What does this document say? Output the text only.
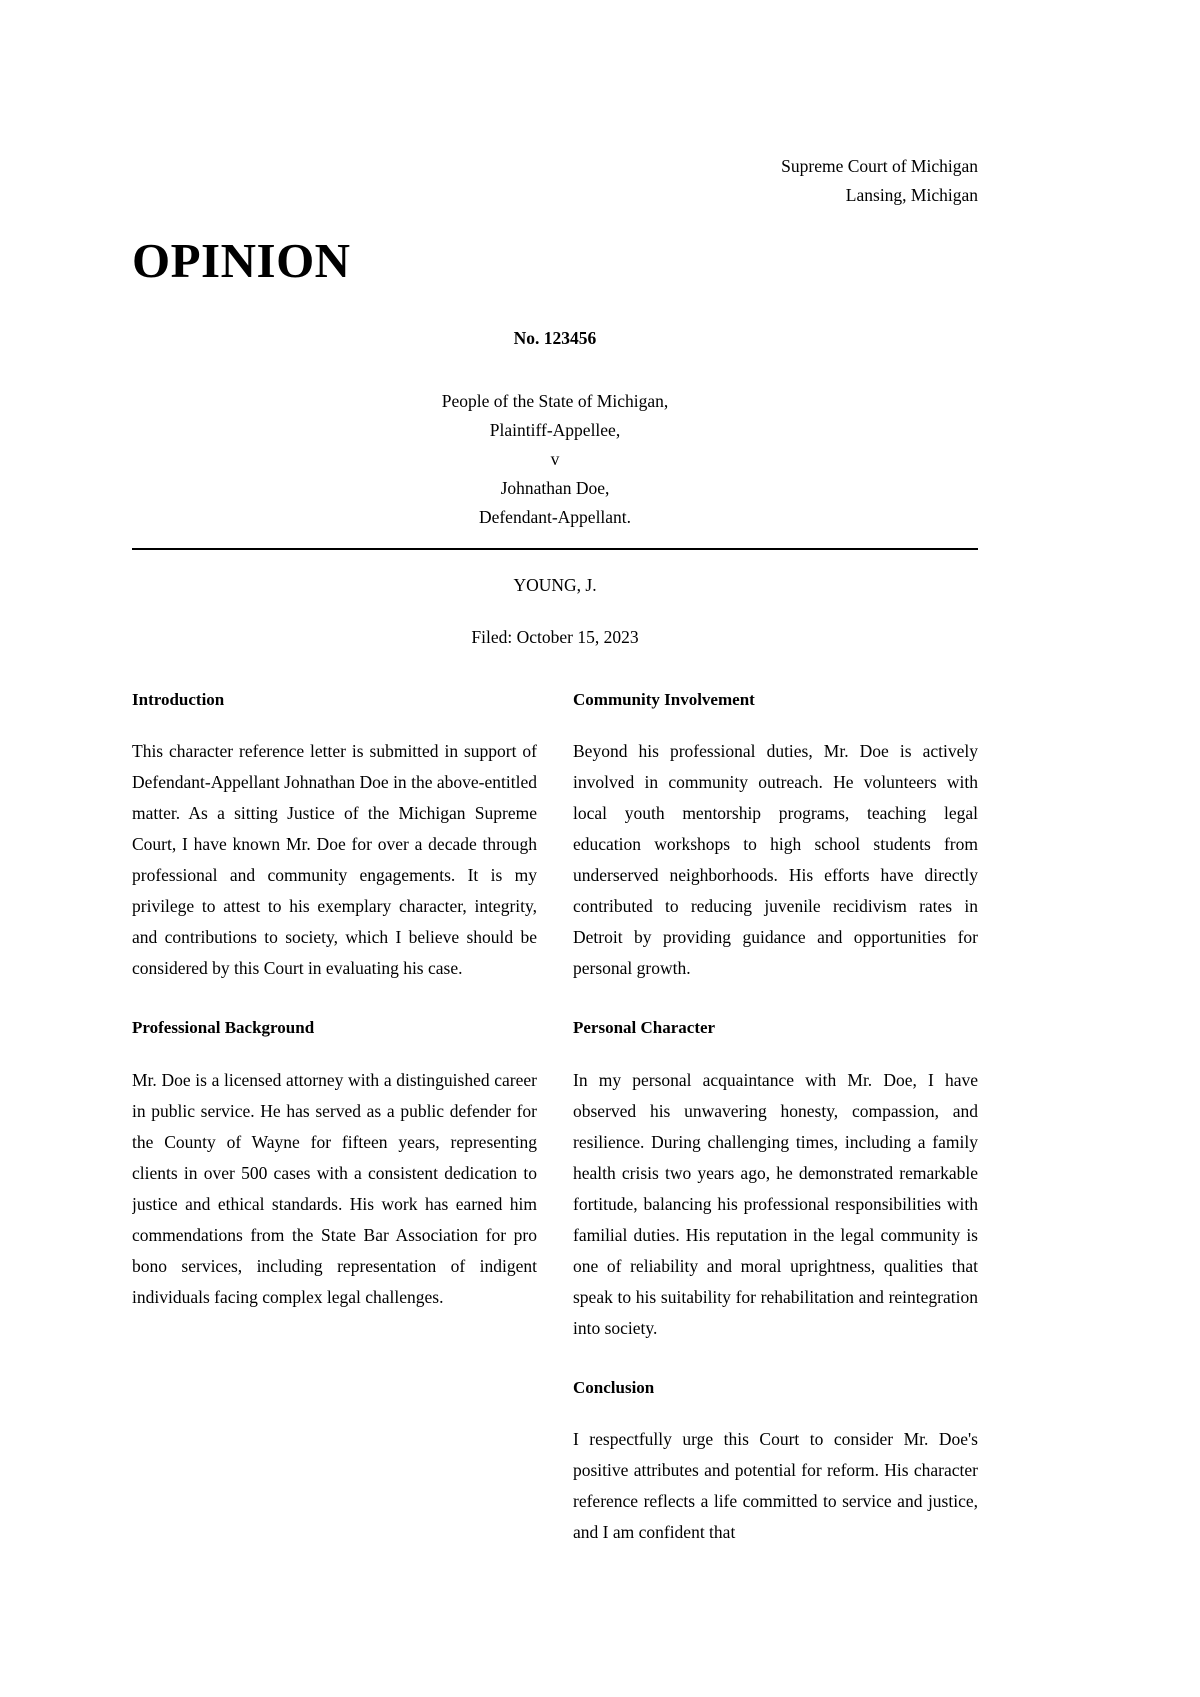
Supreme Court of Michigan
Lansing, Michigan
OPINION
No. 123456
People of the State of Michigan,
Plaintiff-Appellee,
v
Johnathan Doe,
Defendant-Appellant.
YOUNG, J.
Filed: October 15, 2023
Introduction

This character reference letter is submitted in support of Defendant-Appellant Johnathan Doe in the above-entitled matter. As a sitting Justice of the Michigan Supreme Court, I have known Mr. Doe for over a decade through professional and community engagements. It is my privilege to attest to his exemplary character, integrity, and contributions to society, which I believe should be considered by this Court in evaluating his case.

Professional Background

Mr. Doe is a licensed attorney with a distinguished career in public service. He has served as a public defender for the County of Wayne for fifteen years, representing clients in over 500 cases with a consistent dedication to justice and ethical standards. His work has earned him commendations from the State Bar Association for pro bono services, including representation of indigent individuals facing complex legal challenges.

Community Involvement

Beyond his professional duties, Mr. Doe is actively involved in community outreach. He volunteers with local youth mentorship programs, teaching legal education workshops to high school students from underserved neighborhoods. His efforts have directly contributed to reducing juvenile recidivism rates in Detroit by providing guidance and opportunities for personal growth.

Personal Character

In my personal acquaintance with Mr. Doe, I have observed his unwavering honesty, compassion, and resilience. During challenging times, including a family health crisis two years ago, he demonstrated remarkable fortitude, balancing his professional responsibilities with familial duties. His reputation in the legal community is one of reliability and moral uprightness, qualities that speak to his suitability for rehabilitation and reintegration into society.

Conclusion

I respectfully urge this Court to consider Mr. Doe's positive attributes and potential for reform. His character reference reflects a life committed to service and justice, and I am confident that
